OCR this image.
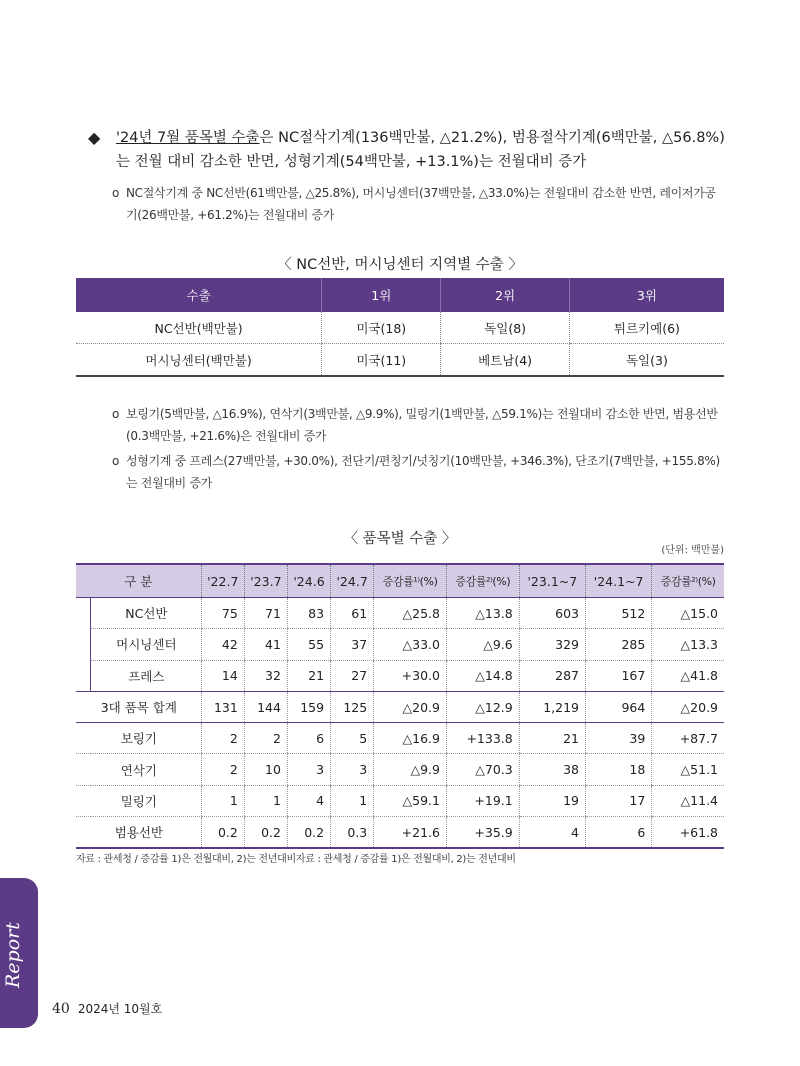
◆	'24년 7월 품목별 수출은 NC절삭기계(136백만불, △21.2%), 범용절삭기계(6백만불, △56.8%)는 전월 대비 감소한 반면, 성형기계(54백만불, +13.1%)는 전월대비 증가
o NC절삭기계 중 NC선반(61백만불, △25.8%), 머시닝센터(37백만불, △33.0%)는 전월대비 감소한 반면, 레이저가공기(26백만불, +61.2%)는 전월대비 증가
〈 NC선반, 머시닝센터 지역별 수출 〉
수출	1위	2위	3위
NC선반(백만불)	미국(18)	독일(8)	튀르키예(6)
머시닝센터(백만불)	미국(11)	베트남(4)	독일(3)
o 보링기(5백만불, △16.9%), 연삭기(3백만불, △9.9%), 밀링기(1백만불, △59.1%)는 전월대비 감소한 반면, 범용선반(0.3백만불, +21.6%)은 전월대비 증가
o 성형기계 중 프레스(27백만불, +30.0%), 전단기/편칭기/넛칭기(10백만불, +346.3%), 단조기(7백만불, +155.8%)는 전월대비 증가
〈 품목별 수출 〉
(단위: 백만불)
구 분		'22.7	'23.7	'24.6	'24.7	증감률¹⁾(%)	증감률²⁾(%)	'23.1~7	'24.1~7	증감률²⁾(%)
	NC선반	75	71	83	61	△25.8	△13.8	603	512	△15.0
	머시닝센터	42	41	55	37	△33.0	△9.6	329	285	△13.3
	프레스	14	32	21	27	+30.0	△14.8	287	167	△41.8
3대 품목 합계		131	144	159	125	△20.9	△12.9	1,219	964	△20.9
보링기		2	2	6	5	△16.9	+133.8	21	39	+87.7
연삭기		2	10	3	3	△9.9	△70.3	38	18	△51.1
밀링기		1	1	4	1	△59.1	+19.1	19	17	△11.4
범용선반		0.2	0.2	0.2	0.3	+21.6	+35.9	4	6	+61.8
자료 : 관세청 / 증감률 1)은 전월대비, 2)는 전년대비자료 : 관세청 / 증감률 1)은 전월대비, 2)는 전년대비
Report
40 2024년 10월호
